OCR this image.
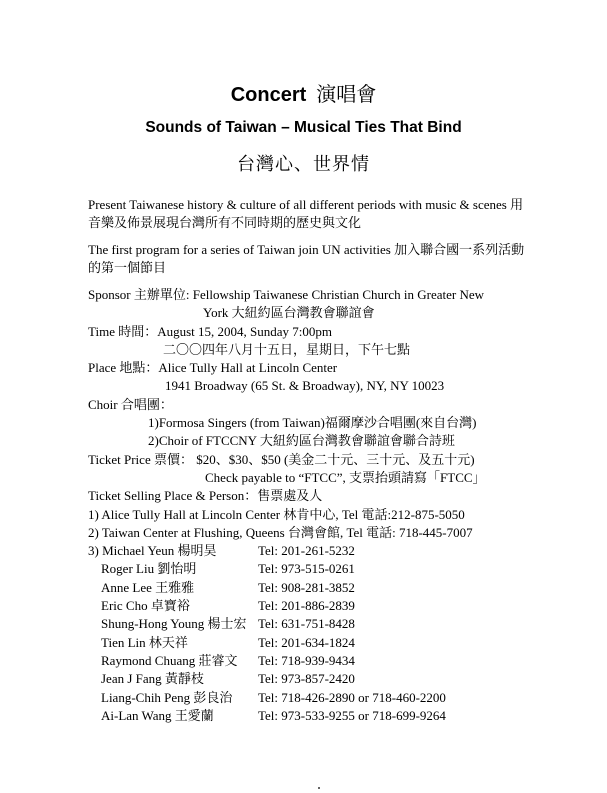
Concert 演唱會
Sounds of Taiwan – Musical Ties That Bind
台灣心、世界情

Present Taiwanese history & culture of all different periods with music & scenes 用音樂及佈景展現台灣所有不同時期的歷史與文化

The first program for a series of Taiwan join UN activities 加入聯合國一系列活動的第一個節目

Sponsor 主辦單位: Fellowship Taiwanese Christian Church in Greater New
York 大紐約區台灣教會聯誼會
Time 時間：August 15, 2004, Sunday 7:00pm
二〇〇四年八月十五日，星期日，下午七點
Place 地點：Alice Tully Hall at Lincoln Center
1941 Broadway (65 St. & Broadway), NY, NY 10023
Choir 合唱團：
1)Formosa Singers (from Taiwan)福爾摩沙合唱團(來自台灣)
2)Choir of FTCCNY 大紐約區台灣教會聯誼會聯合詩班
Ticket Price 票價： $20、$30、$50 (美金二十元、三十元、及五十元)
Check payable to “FTCC”, 支票抬頭請寫「FTCC」
Ticket Selling Place & Person：售票處及人
1) Alice Tully Hall at Lincoln Center 林肯中心, Tel 電話:212-875-5050
2) Taiwan Center at Flushing, Queens 台灣會館, Tel 電話: 718-445-7007
3) Michael Yeun 楊明昊	Tel: 201-261-5232
Roger Liu 劉怡明	Tel: 973-515-0261
Anne Lee 王雅雅	Tel: 908-281-3852
Eric Cho 卓寶裕	Tel: 201-886-2839
Shung-Hong Young 楊士宏 Tel: 631-751-8428
Tien Lin 林天祥	Tel: 201-634-1824
Raymond Chuang 莊睿文	Tel: 718-939-9434
Jean J Fang 黃靜枝	Tel: 973-857-2420
Liang-Chih Peng 彭良治	Tel: 718-426-2890 or 718-460-2200
Ai-Lan Wang 王愛蘭	Tel: 973-533-9255 or 718-699-9264
